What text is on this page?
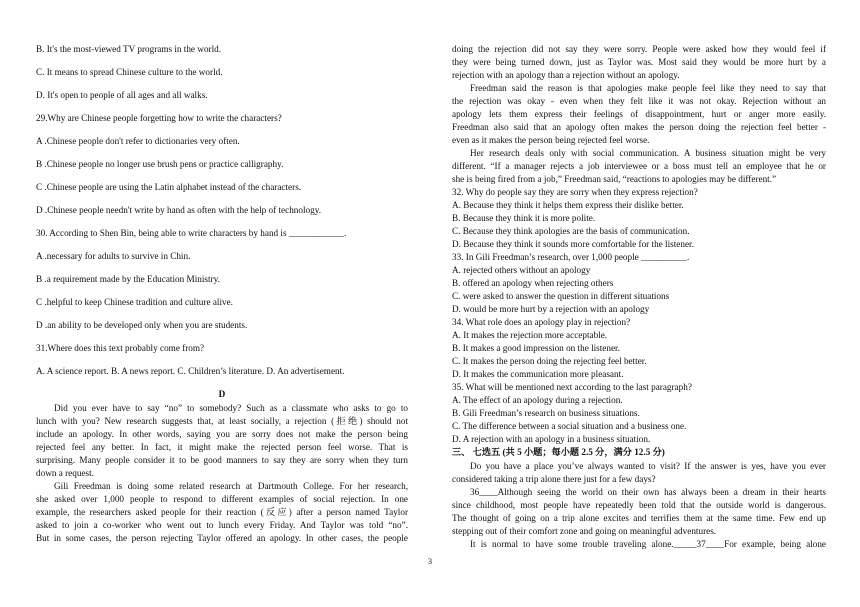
B. It's the most-viewed TV programs in the world.
C. It means to spread Chinese culture to the world.
D. It's open to people of all ages and all walks.
29.Why are Chinese people forgetting how to write the characters?
A .Chinese people don't refer to dictionaries very often.
B .Chinese people no longer use brush pens or practice calligraphy.
C .Chinese people are using the Latin alphabet instead of the characters.
D .Chinese people needn't write by hand as often with the help of technology.
30. According to Shen Bin, being able to write characters by hand is ____________.
A .necessary for adults to survive in Chin.
B .a requirement made by the Education Ministry.
C .helpful to keep Chinese tradition and culture alive.
D .an ability to be developed only when you are students.
31.Where does this text probably come from?
A. A science report. B. A news report. C. Children’s literature. D. An advertisement.
D
Did you ever have to say “no” to somebody? Such as a classmate who asks to go to
lunch with you? New research suggests that, at least socially, a rejection (拒绝) should not
include an apology. In other words, saying you are sorry does not make the person being
rejected feel any better. In fact, it might make the rejected person feel worse. That is
surprising. Many people consider it to be good manners to say they are sorry when they turn
down a request.
Gili Freedman is doing some related research at Dartmouth College. For her research,
she asked over 1,000 people to respond to different examples of social rejection. In one
example, the researchers asked people for their reaction (反应) after a person named Taylor
asked to join a co-worker who went out to lunch every Friday. And Taylor was told “no”.
But in some cases, the person rejecting Taylor offered an apology. In other cases, the people
doing the rejection did not say they were sorry. People were asked how they would feel if
they were being turned down, just as Taylor was. Most said they would be more hurt by a
rejection with an apology than a rejection without an apology.
Freedman said the reason is that apologies make people feel like they need to say that
the rejection was okay - even when they felt like it was not okay. Rejection without an
apology lets them express their feelings of disappointment, hurt or anger more easily.
Freedman also said that an apology often makes the person doing the rejection feel better -
even as it makes the person being rejected feel worse.
Her research deals only with social communication. A business situation might be very
different. “If a manager rejects a job interviewee or a boss must tell an employee that he or
she is being fired from a job,” Freedman said, “reactions to apologies may be different.”
32. Why do people say they are sorry when they express rejection?
A. Because they think it helps them express their dislike better.
B. Because they think it is more polite.
C. Because they think apologies are the basis of communication.
D. Because they think it sounds more comfortable for the listener.
33. In Gili Freedman’s research, over 1,000 people __________.
A. rejected others without an apology
B. offered an apology when rejecting others
C. were asked to answer the question in different situations
D. would be more hurt by a rejection with an apology
34. What role does an apology play in rejection?
A. It makes the rejection more acceptable.
B. It makes a good impression on the listener.
C. It makes the person doing the rejecting feel better.
D. It makes the communication more pleasant.
35. What will be mentioned next according to the last paragraph?
A. The effect of an apology during a rejection.
B. Gili Freedman’s research on business situations.
C. The difference between a social situation and a business one.
D. A rejection with an apology in a business situation.
三、 七选五 (共 5 小题；每小题 2.5 分，满分 12.5 分)
Do you have a place you’ve always wanted to visit? If the answer is yes, have you ever
considered taking a trip alone there just for a few days?
36____Although seeing the world on their own has always been a dream in their hearts
since childhood, most people have repeatedly been told that the outside world is dangerous.
The thought of going on a trip alone excites and terrifies them at the same time. Few end up
stepping out of their comfort zone and going on meaningful adventures.
It is normal to have some trouble traveling alone._____37____For example, being alone
3
